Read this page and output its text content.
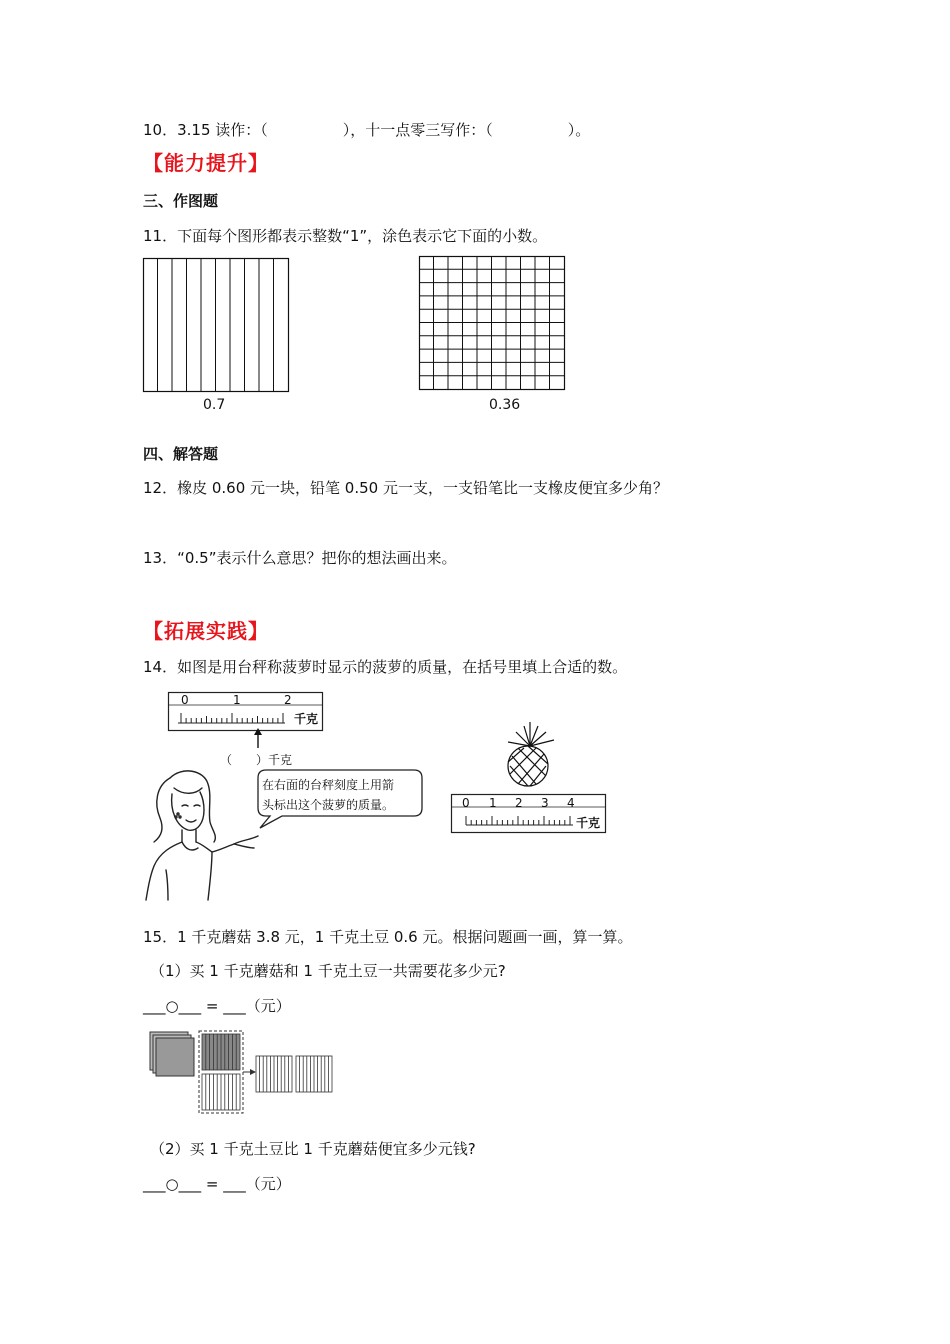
10．3.15 读作：（　　　　　），十一点零三写作：（　　　　　）。
【能力提升】
三、作图题
11．下面每个图形都表示整数“1”，涂色表示它下面的小数。
0.7	0.36
四、解答题
12．橡皮 0.60 元一块，铅笔 0.50 元一支，一支铅笔比一支橡皮便宜多少角？
13．“0.5”表示什么意思？把你的想法画出来。
【拓展实践】
14．如图是用台秤称菠萝时显示的菠萝的质量，在括号里填上合适的数。
0	1	2
千克
（　　）千克
在右面的台秤刻度上用箭
头标出这个菠萝的质量。	0 1 2 3 4
千克
15．1 千克蘑菇 3.8 元，1 千克土豆 0.6 元。根据问题画一画，算一算。
（1）买 1 千克蘑菇和 1 千克土豆一共需要花多少元?
___○___ = ___（元）
（2）买 1 千克土豆比 1 千克蘑菇便宜多少元钱?
___○___ = ___（元）
